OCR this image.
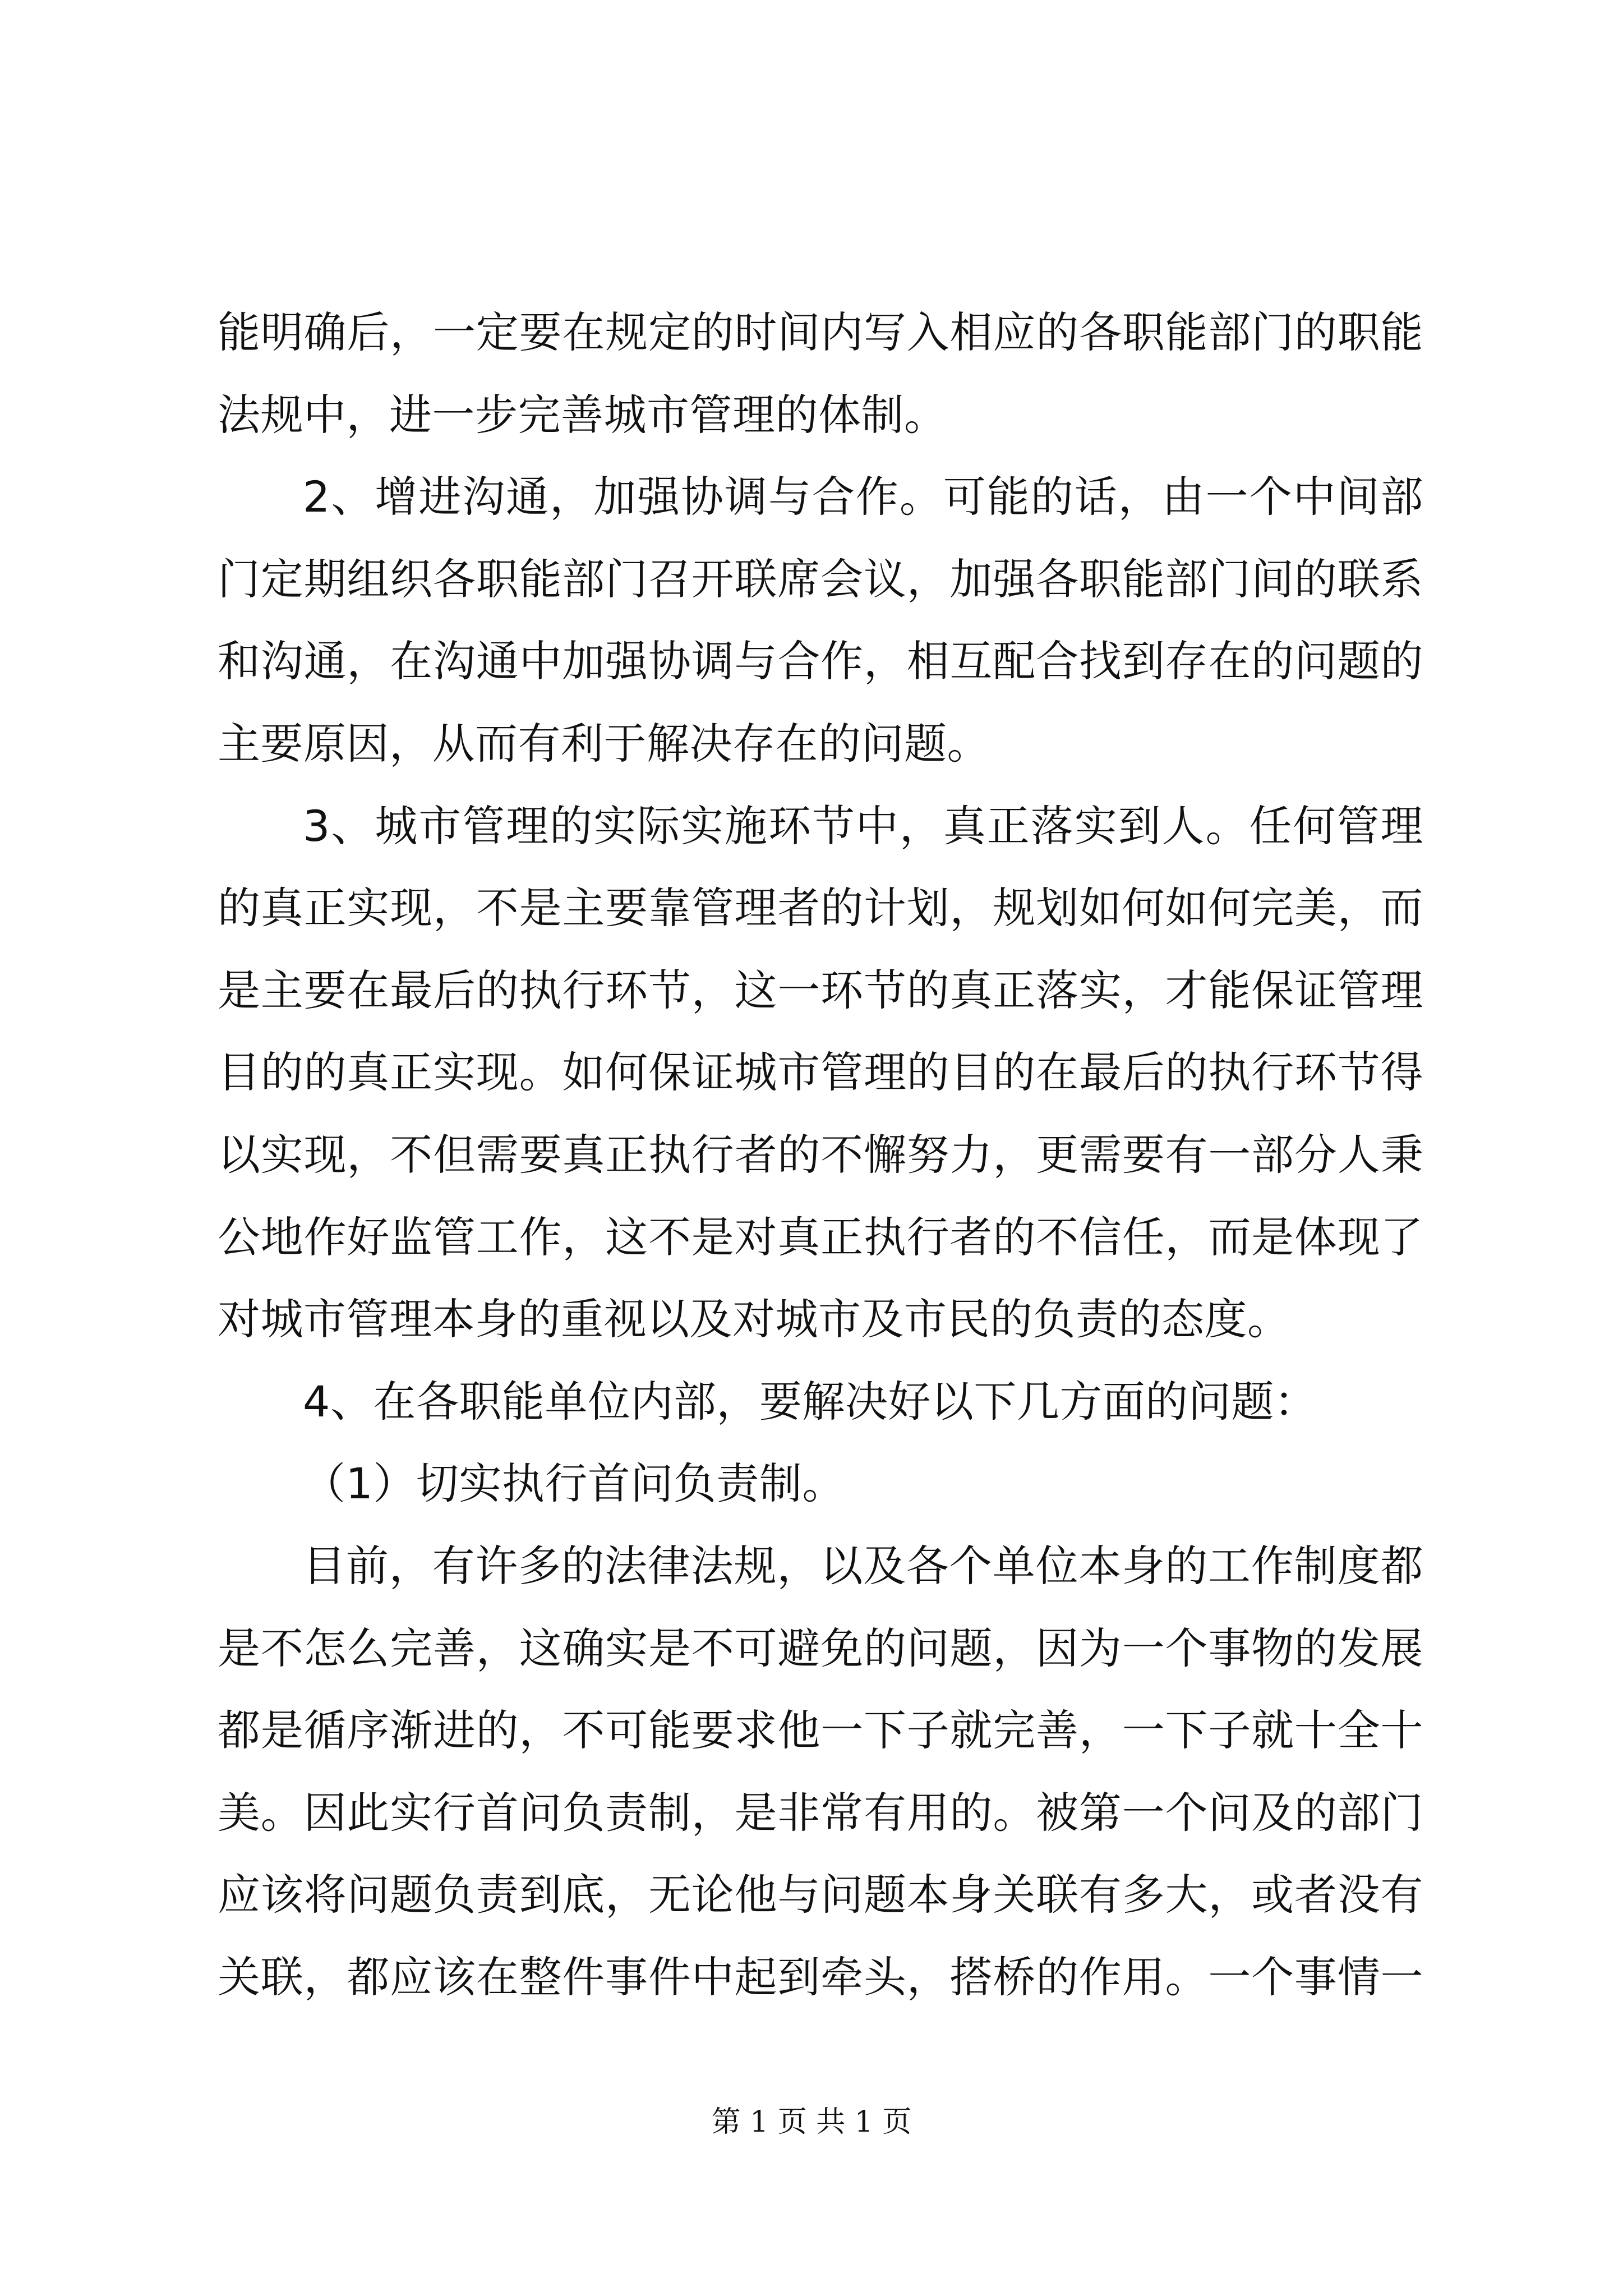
能明确后，一定要在规定的时间内写入相应的各职能部门的职能
法规中，进一步完善城市管理的体制。
2、增进沟通，加强协调与合作。可能的话，由一个中间部
门定期组织各职能部门召开联席会议，加强各职能部门间的联系
和沟通，在沟通中加强协调与合作，相互配合找到存在的问题的
主要原因，从而有利于解决存在的问题。
3、城市管理的实际实施环节中，真正落实到人。任何管理
的真正实现，不是主要靠管理者的计划，规划如何如何完美，而
是主要在最后的执行环节，这一环节的真正落实，才能保证管理
目的的真正实现。如何保证城市管理的目的在最后的执行环节得
以实现，不但需要真正执行者的不懈努力，更需要有一部分人秉
公地作好监管工作，这不是对真正执行者的不信任，而是体现了
对城市管理本身的重视以及对城市及市民的负责的态度。
4、在各职能单位内部，要解决好以下几方面的问题：
（1）切实执行首问负责制。
目前，有许多的法律法规，以及各个单位本身的工作制度都
是不怎么完善，这确实是不可避免的问题，因为一个事物的发展
都是循序渐进的，不可能要求他一下子就完善，一下子就十全十
美。因此实行首问负责制，是非常有用的。被第一个问及的部门
应该将问题负责到底，无论他与问题本身关联有多大，或者没有
关联，都应该在整件事件中起到牵头，搭桥的作用。一个事情一
第 1 页 共 1 页
